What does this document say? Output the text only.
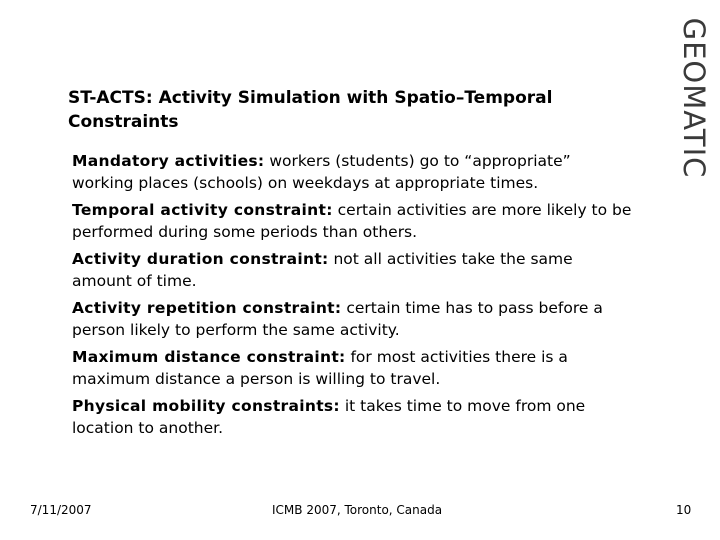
ST-ACTS: Activity Simulation with Spatio–Temporal Constraints	GEOMATIC
Mandatory activities: workers (students) go to “appropriate” working places (schools) on weekdays at appropriate times.
Temporal activity constraint: certain activities are more likely to be performed during some periods than others.
Activity duration constraint: not all activities take the same amount of time.
Activity repetition constraint: certain time has to pass before a person likely to perform the same activity.
Maximum distance constraint: for most activities there is a maximum distance a person is willing to travel.
Physical mobility constraints: it takes time to move from one location to another.
7/11/2007	ICMB 2007, Toronto, Canada	10
